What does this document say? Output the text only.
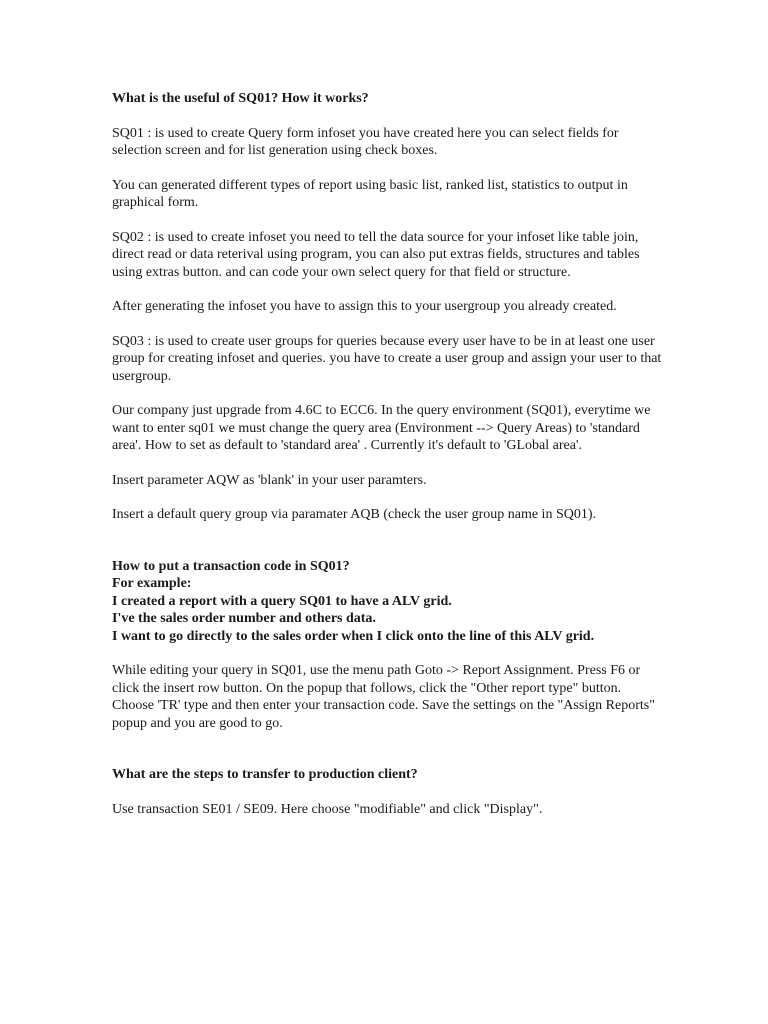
What is the useful of SQ01? How it works?

SQ01 : is used to create Query form infoset you have created here you can select fields for selection screen and for list generation using check boxes.

You can generated different types of report using basic list, ranked list, statistics to output in graphical form.

SQ02 : is used to create infoset you need to tell the data source for your infoset like table join, direct read or data reterival using program, you can also put extras fields, structures and tables using extras button. and can code your own select query for that field or structure.

After generating the infoset you have to assign this to your usergroup you already created.

SQ03 : is used to create user groups for queries because every user have to be in at least one user group for creating infoset and queries. you have to create a user group and assign your user to that usergroup.

Our company just upgrade from 4.6C to ECC6. In the query environment (SQ01), everytime we want to enter sq01 we must change the query area (Environment --> Query Areas) to 'standard area'. How to set as default to 'standard area' . Currently it's default to 'GLobal area'.

Insert parameter AQW as 'blank' in your user paramters.

Insert a default query group via paramater AQB (check the user group name in SQ01).

How to put a transaction code in SQ01?
For example:
I created a report with a query SQ01 to have a ALV grid.
I've the sales order number and others data.
I want to go directly to the sales order when I click onto the line of this ALV grid.

While editing your query in SQ01, use the menu path Goto -> Report Assignment. Press F6 or click the insert row button. On the popup that follows, click the "Other report type" button. Choose 'TR' type and then enter your transaction code. Save the settings on the "Assign Reports" popup and you are good to go.

What are the steps to transfer to production client?

Use transaction SE01 / SE09. Here choose "modifiable" and click "Display".
